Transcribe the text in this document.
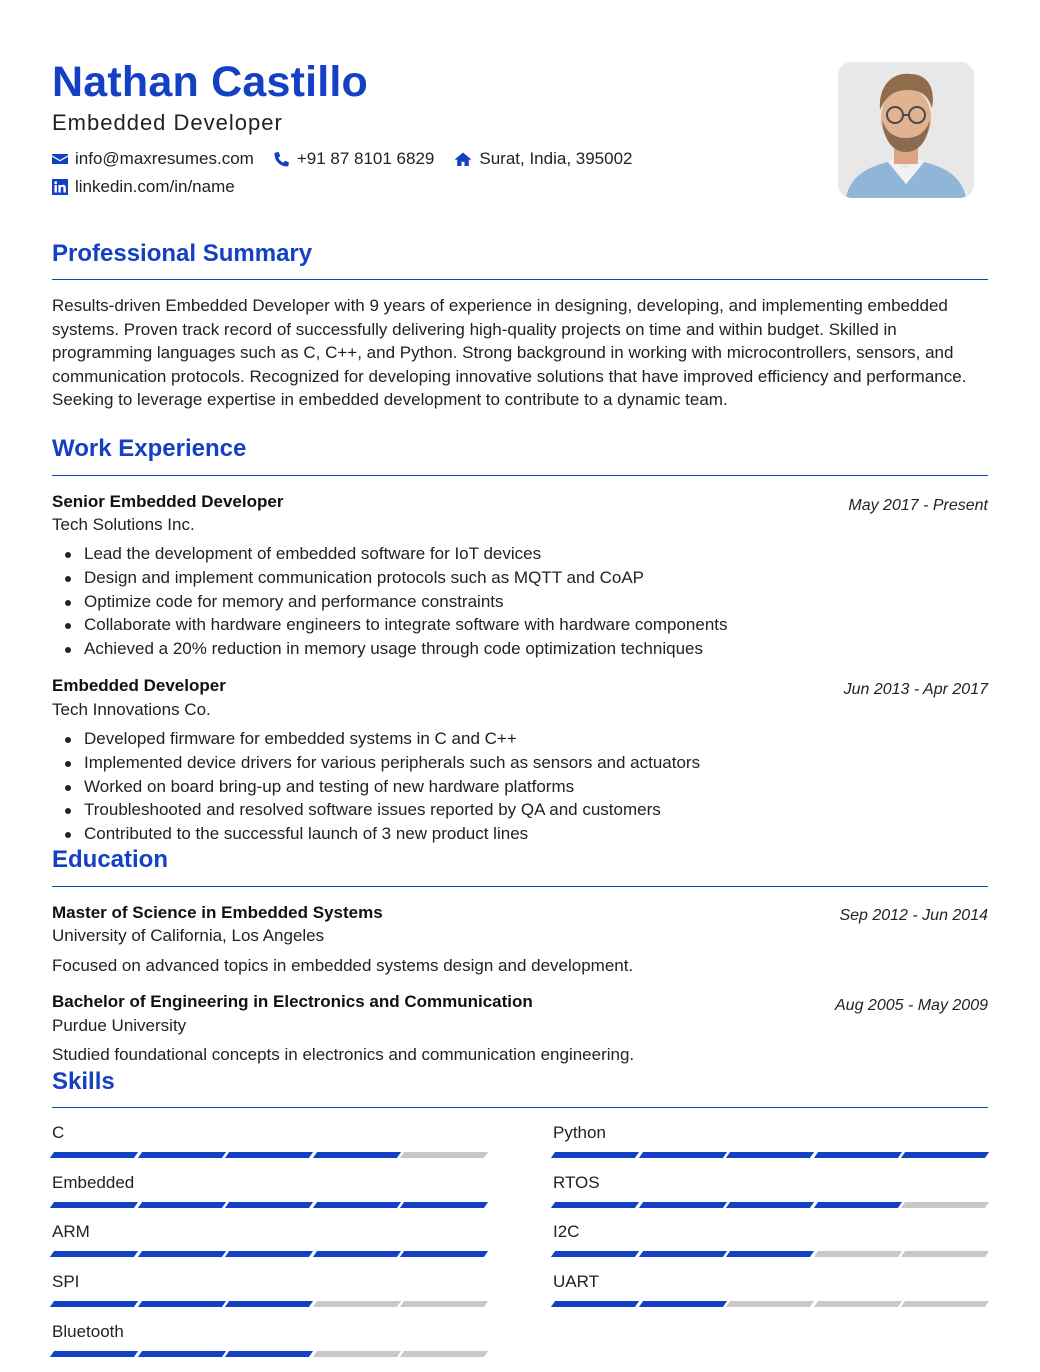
Nathan Castillo
Embedded Developer
info@maxresumes.com	+91 87 8101 6829	Surat, India, 395002
linkedin.com/in/name
Professional Summary
Results-driven Embedded Developer with 9 years of experience in designing, developing, and implementing embedded systems. Proven track record of successfully delivering high-quality projects on time and within budget. Skilled in programming languages such as C, C++, and Python. Strong background in working with microcontrollers, sensors, and communication protocols. Recognized for developing innovative solutions that have improved efficiency and performance. Seeking to leverage expertise in embedded development to contribute to a dynamic team.
Work Experience
Senior Embedded Developer	May 2017 - Present
Tech Solutions Inc.
Lead the development of embedded software for IoT devices
Design and implement communication protocols such as MQTT and CoAP
Optimize code for memory and performance constraints
Collaborate with hardware engineers to integrate software with hardware components
Achieved a 20% reduction in memory usage through code optimization techniques
Embedded Developer	Jun 2013 - Apr 2017
Tech Innovations Co.
Developed firmware for embedded systems in C and C++
Implemented device drivers for various peripherals such as sensors and actuators
Worked on board bring-up and testing of new hardware platforms
Troubleshooted and resolved software issues reported by QA and customers
Contributed to the successful launch of 3 new product lines
Education
Master of Science in Embedded Systems	Sep 2012 - Jun 2014
University of California, Los Angeles
Focused on advanced topics in embedded systems design and development.
Bachelor of Engineering in Electronics and Communication	Aug 2005 - May 2009
Purdue University
Studied foundational concepts in electronics and communication engineering.
Skills
C	Python
Embedded	RTOS
ARM	I2C
SPI	UART
Bluetooth
